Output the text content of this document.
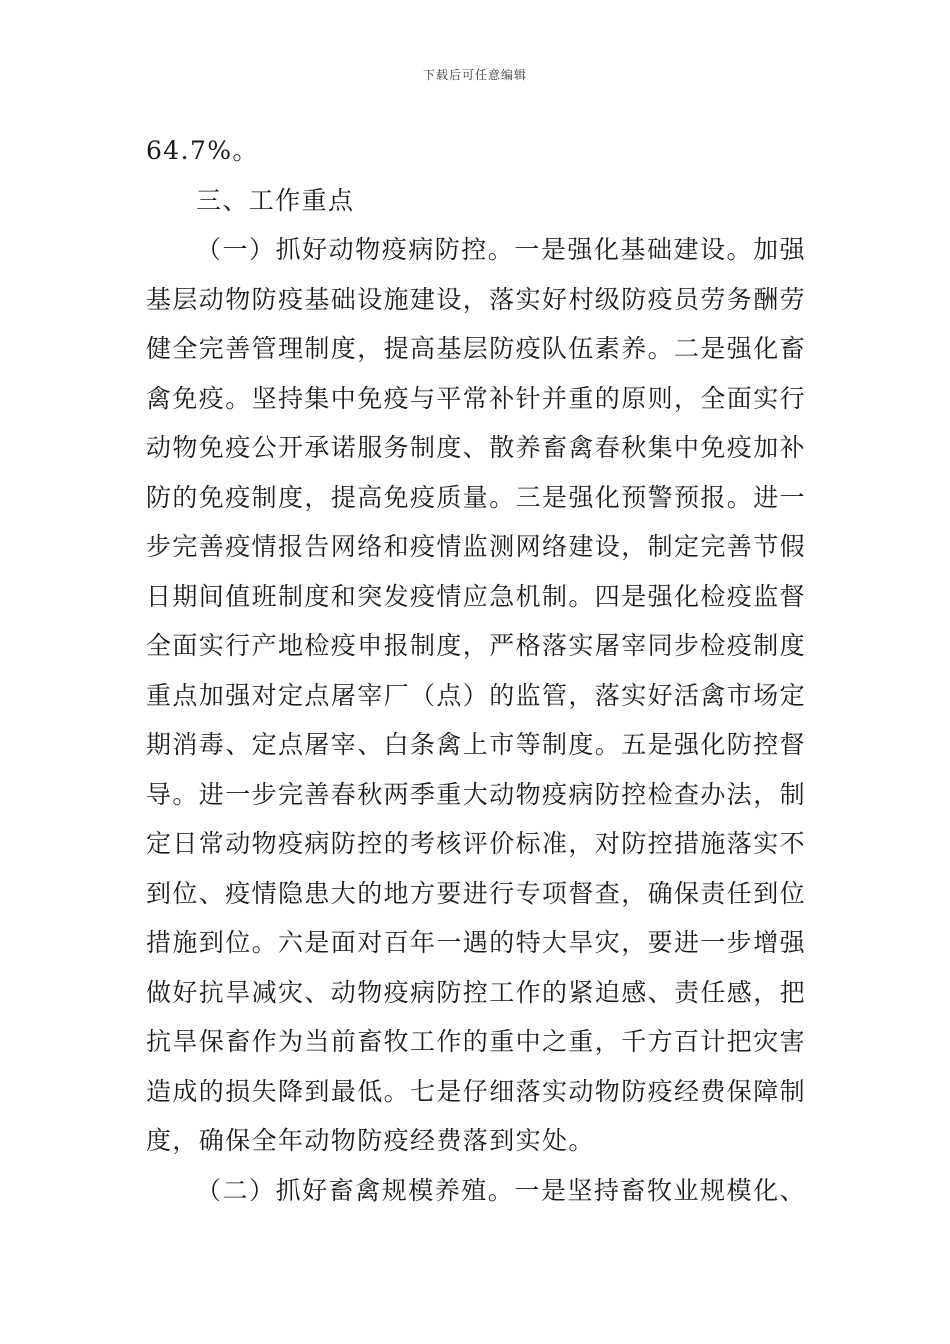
下载后可任意编辑
64.7%。
三、工作重点
（一）抓好动物疫病防控。一是强化基础建设。加强
基层动物防疫基础设施建设，落实好村级防疫员劳务酬劳
健全完善管理制度，提高基层防疫队伍素养。二是强化畜
禽免疫。坚持集中免疫与平常补针并重的原则，全面实行
动物免疫公开承诺服务制度、散养畜禽春秋集中免疫加补
防的免疫制度，提高免疫质量。三是强化预警预报。进一
步完善疫情报告网络和疫情监测网络建设，制定完善节假
日期间值班制度和突发疫情应急机制。四是强化检疫监督
全面实行产地检疫申报制度，严格落实屠宰同步检疫制度
重点加强对定点屠宰厂（点）的监管，落实好活禽市场定
期消毒、定点屠宰、白条禽上市等制度。五是强化防控督
导。进一步完善春秋两季重大动物疫病防控检查办法，制
定日常动物疫病防控的考核评价标准，对防控措施落实不
到位、疫情隐患大的地方要进行专项督查，确保责任到位
措施到位。六是面对百年一遇的特大旱灾，要进一步增强
做好抗旱减灾、动物疫病防控工作的紧迫感、责任感，把
抗旱保畜作为当前畜牧工作的重中之重，千方百计把灾害
造成的损失降到最低。七是仔细落实动物防疫经费保障制
度，确保全年动物防疫经费落到实处。
（二）抓好畜禽规模养殖。一是坚持畜牧业规模化、
